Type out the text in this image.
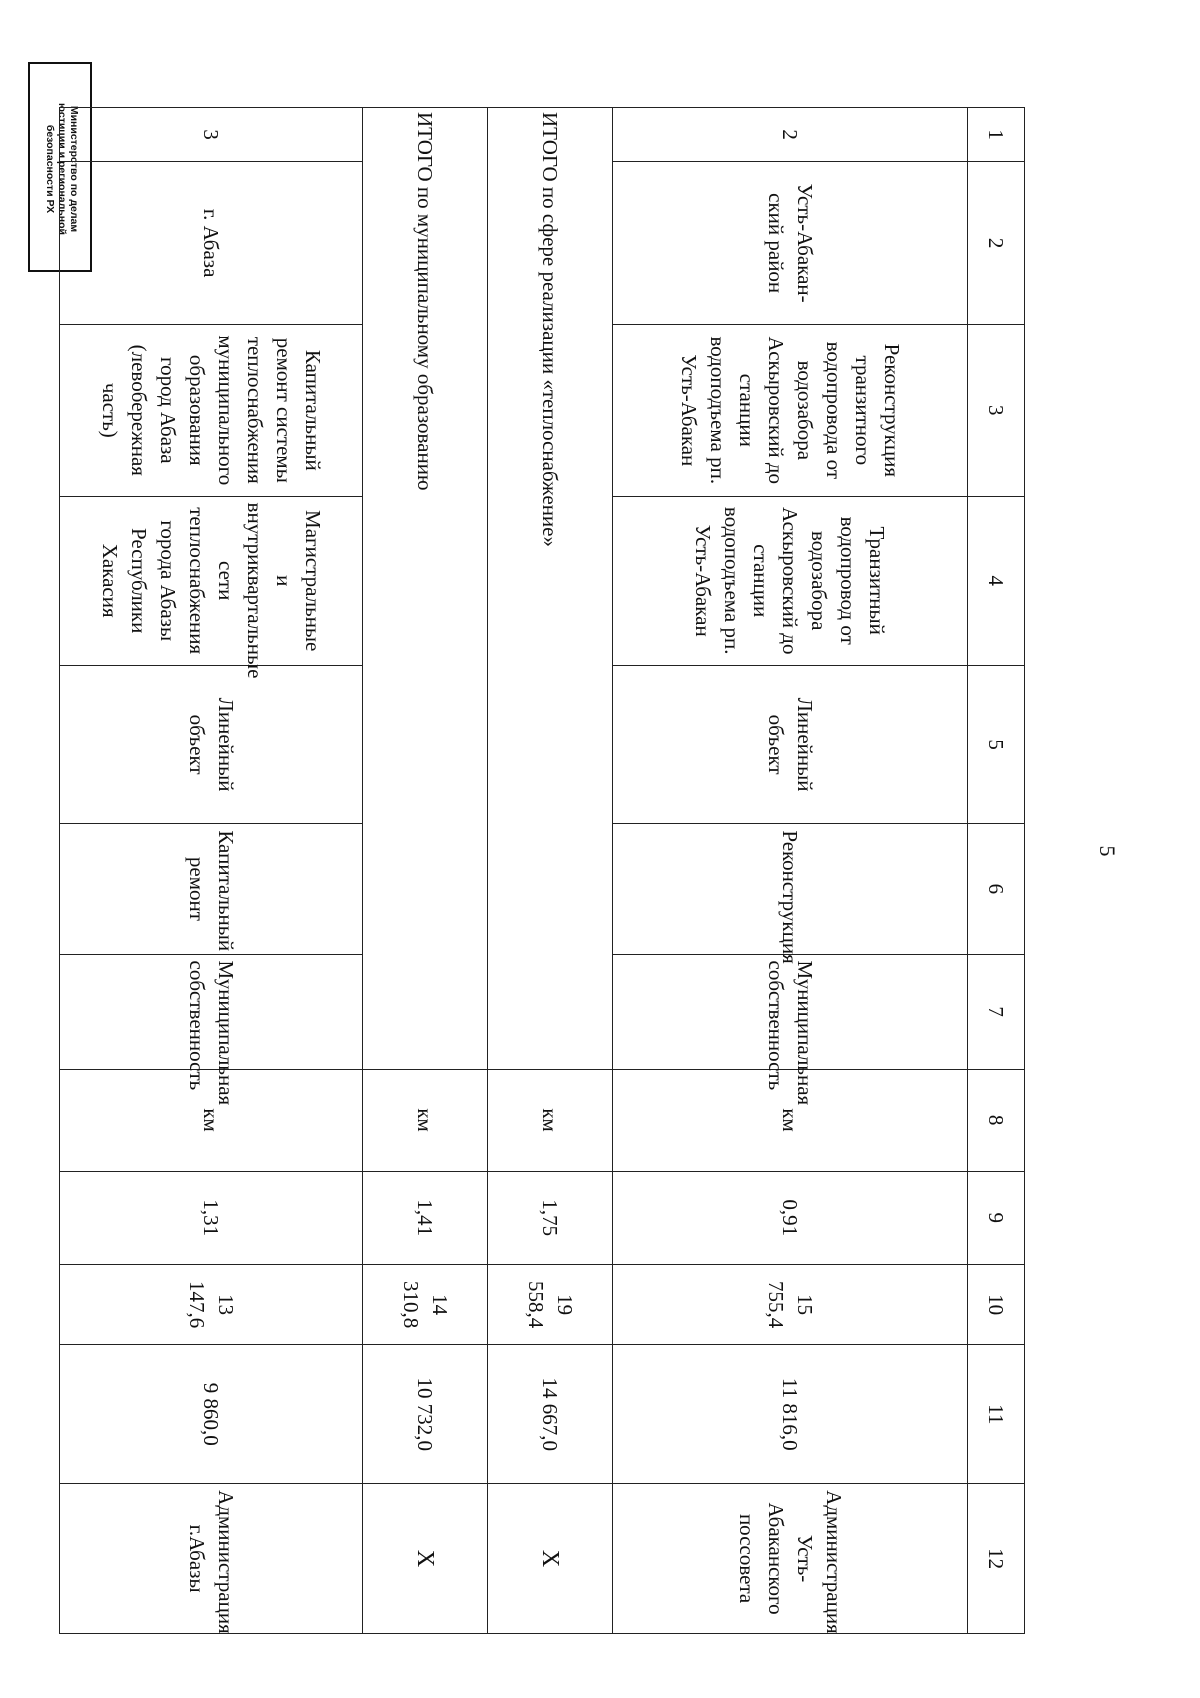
Министерство по делам
юстиции и региональной
безопасности РХ
5
1	2	3	4	5	6	7	8	9	10	11	12
2	Усть-Абакан-ский район	Реконструкция транзитного водопровода от водозабора Аскыровский до станции водоподъема рп. Усть-Абакан	Транзитный водопровод от водозабора Аскыровский до станции водоподъема рп. Усть-Абакан	Линейный объект	Реконструкция	Муниципальная собственность	км	0,91	15 755,4	11 816,0	Администрация Усть-Абаканского поссовета
ИТОГО по сфере реализации «теплоснабжение»							км	1,75	19 558,4	14 667,0	Х
ИТОГО по муниципальному образованию							км	1,41	14 310,8	10 732,0	Х
3	г. Абаза	Капитальный ремонт системы теплоснабжения муниципального образования город Абаза (левобережная часть)	Магистральные и внутриквартальные сети теплоснабжения города Абазы Республики Хакасия	Линейный объект	Капитальный ремонт	Муниципальная собственность	км	1,31	13 147,6	9 860,0	Администрация г.Абазы
